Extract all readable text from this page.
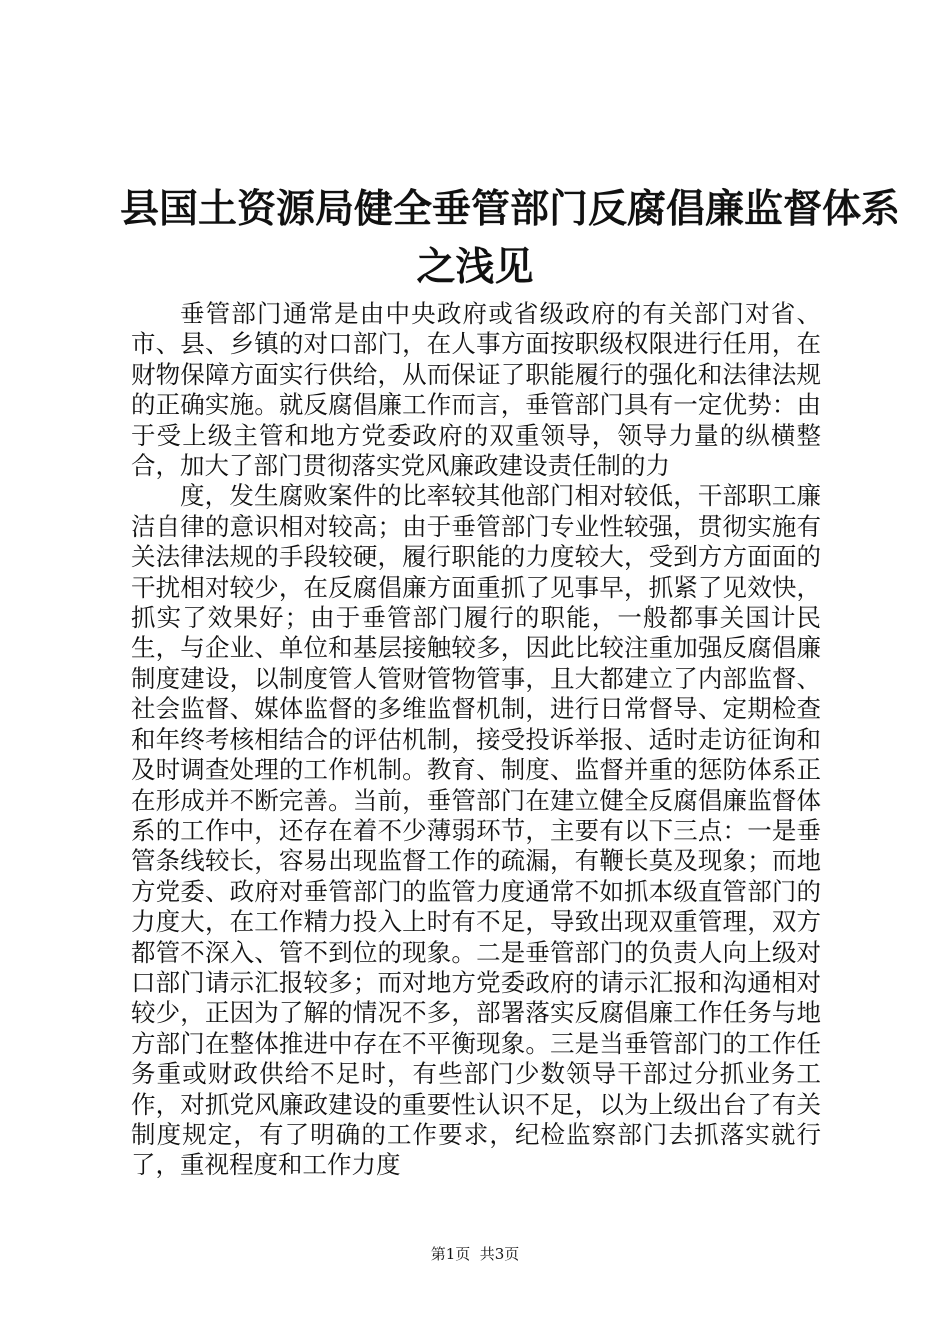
县国土资源局健全垂管部门反腐倡廉监督体系
之浅见

垂管部门通常是由中央政府或省级政府的有关部门对省、市、县、乡镇的对口部门，在人事方面按职级权限进行任用，在财物保障方面实行供给，从而保证了职能履行的强化和法律法规的正确实施。就反腐倡廉工作而言，垂管部门具有一定优势：由于受上级主管和地方党委政府的双重领导，领导力量的纵横整合，加大了部门贯彻落实党风廉政建设责任制的力

度，发生腐败案件的比率较其他部门相对较低，干部职工廉洁自律的意识相对较高；由于垂管部门专业性较强，贯彻实施有关法律法规的手段较硬，履行职能的力度较大，受到方方面面的干扰相对较少，在反腐倡廉方面重抓了见事早，抓紧了见效快，抓实了效果好；由于垂管部门履行的职能，一般都事关国计民生，与企业、单位和基层接触较多，因此比较注重加强反腐倡廉制度建设，以制度管人管财管物管事，且大都建立了内部监督、社会监督、媒体监督的多维监督机制，进行日常督导、定期检查和年终考核相结合的评估机制，接受投诉举报、适时走访征询和及时调查处理的工作机制。教育、制度、监督并重的惩防体系正在形成并不断完善。当前，垂管部门在建立健全反腐倡廉监督体系的工作中，还存在着不少薄弱环节，主要有以下三点：一是垂管条线较长，容易出现监督工作的疏漏，有鞭长莫及现象；而地方党委、政府对垂管部门的监管力度通常不如抓本级直管部门的力度大，在工作精力投入上时有不足，导致出现双重管理，双方都管不深入、管不到位的现象。二是垂管部门的负责人向上级对口部门请示汇报较多；而对地方党委政府的请示汇报和沟通相对较少，正因为了解的情况不多，部署落实反腐倡廉工作任务与地方部门在整体推进中存在不平衡现象。三是当垂管部门的工作任务重或财政供给不足时，有些部门少数领导干部过分抓业务工作，对抓党风廉政建设的重要性认识不足，以为上级出台了有关制度规定，有了明确的工作要求，纪检监察部门去抓落实就行了，重视程度和工作力度

第1页  共3页
